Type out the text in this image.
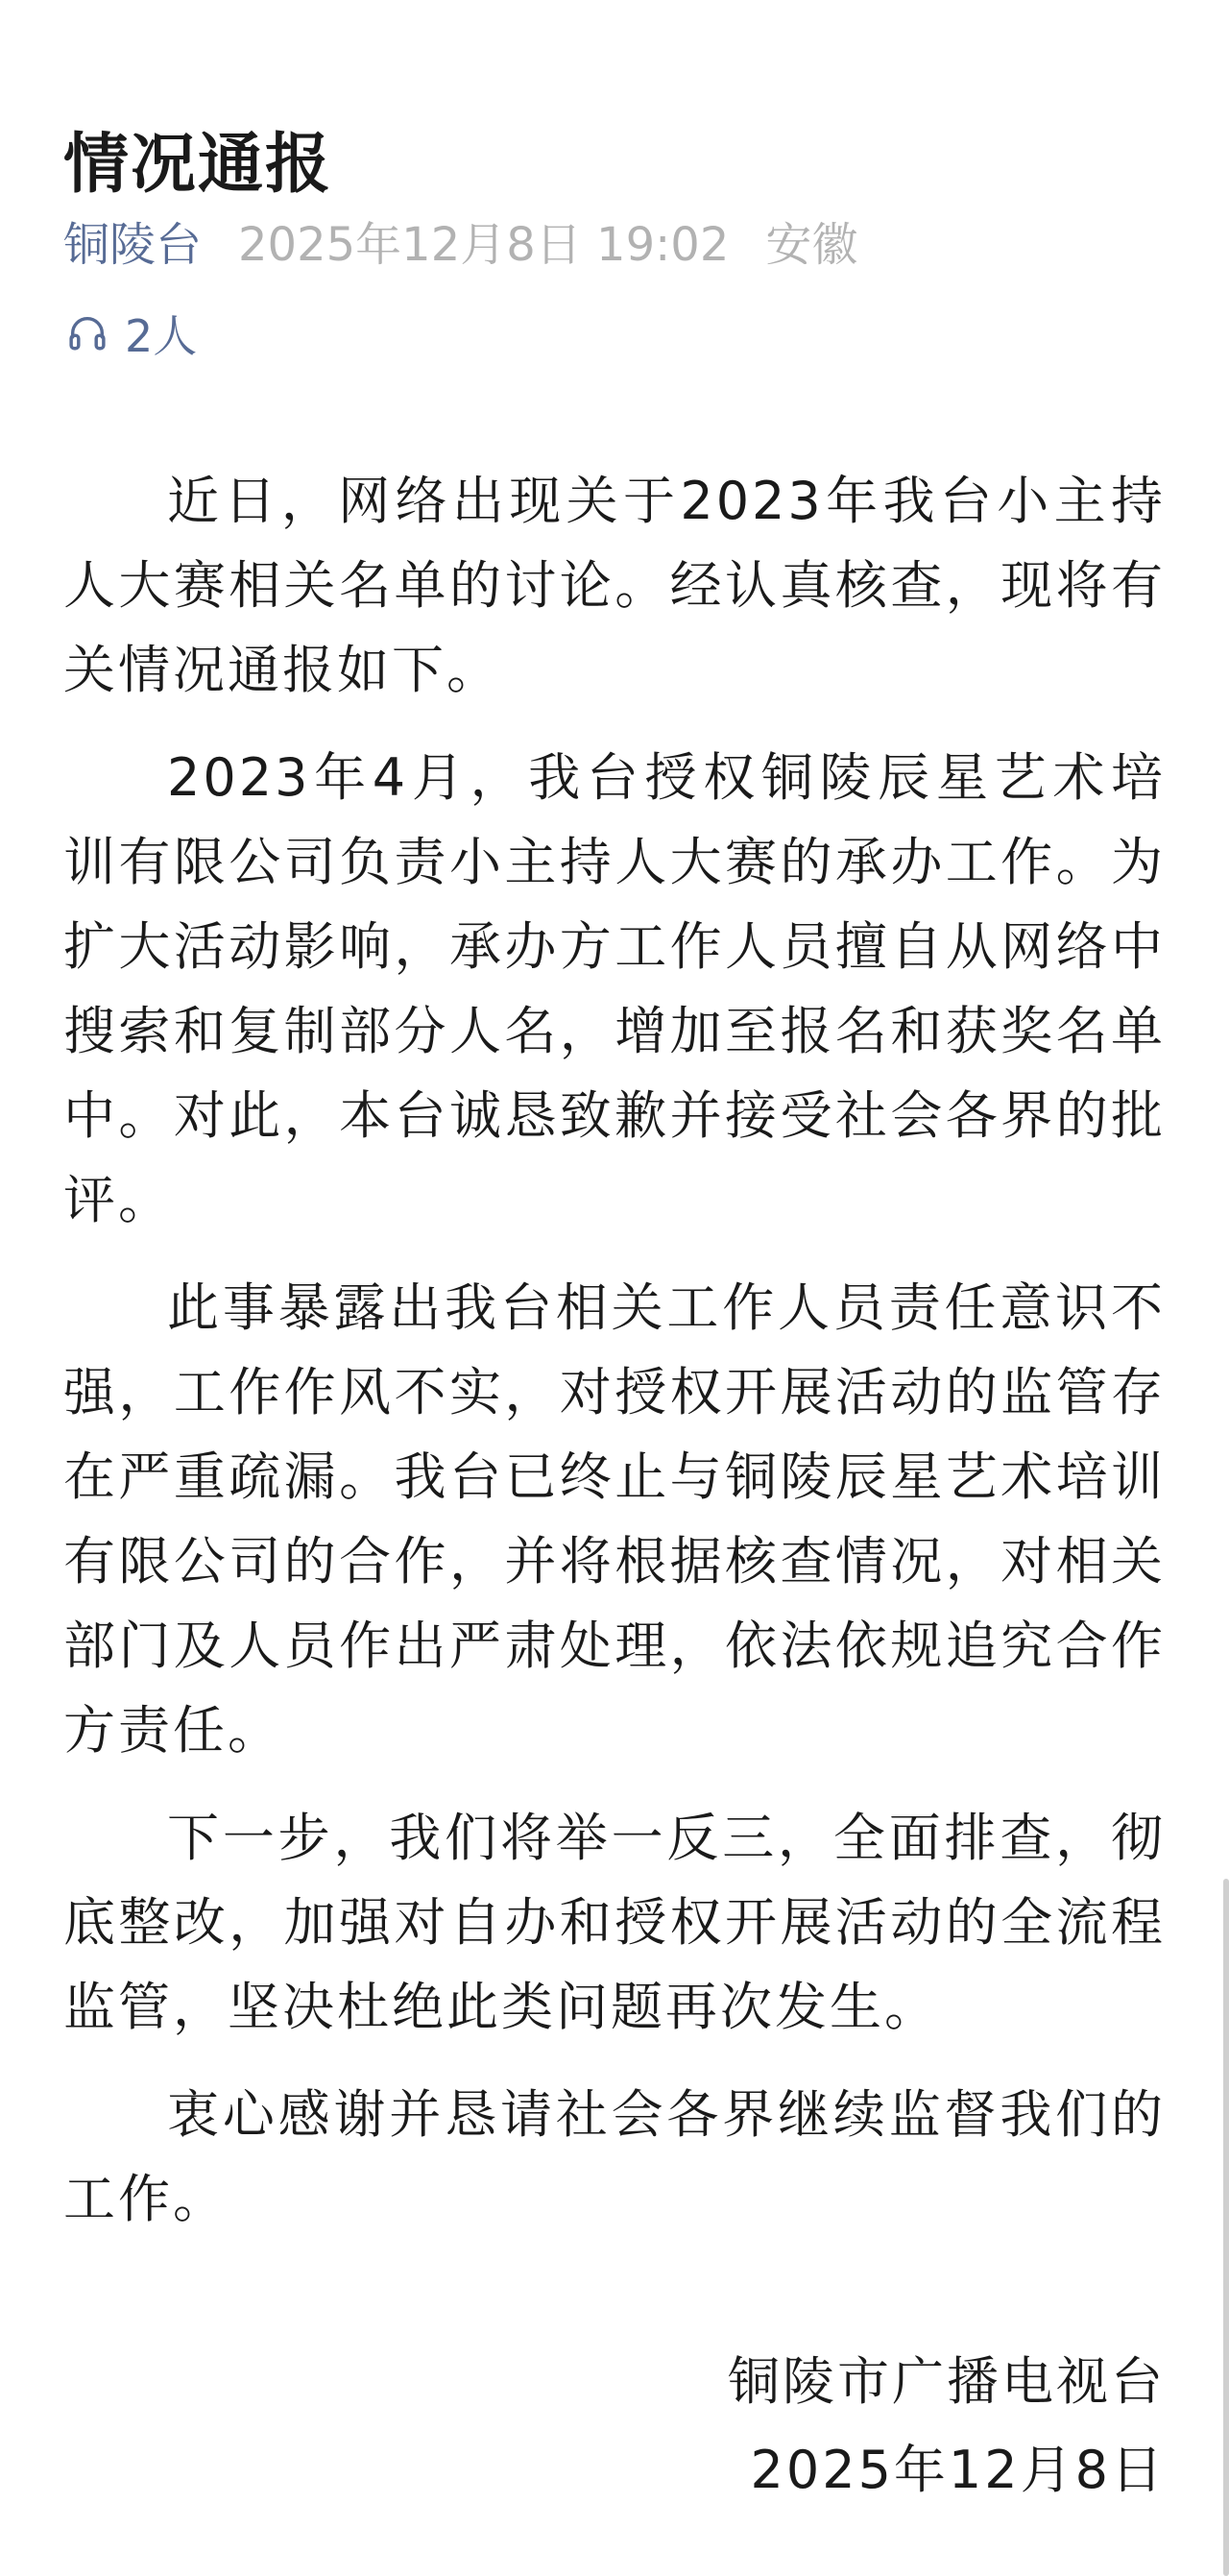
情况通报
铜陵台 2025年12月8日 19:02 安徽
2人

近日，网络出现关于2023年我台小主持人大赛相关名单的讨论。经认真核查，现将有关情况通报如下。

2023年4月，我台授权铜陵辰星艺术培训有限公司负责小主持人大赛的承办工作。为扩大活动影响，承办方工作人员擅自从网络中搜索和复制部分人名，增加至报名和获奖名单中。对此，本台诚恳致歉并接受社会各界的批评。

此事暴露出我台相关工作人员责任意识不强，工作作风不实，对授权开展活动的监管存在严重疏漏。我台已终止与铜陵辰星艺术培训有限公司的合作，并将根据核查情况，对相关部门及人员作出严肃处理，依法依规追究合作方责任。

下一步，我们将举一反三，全面排查，彻底整改，加强对自办和授权开展活动的全流程监管，坚决杜绝此类问题再次发生。

衷心感谢并恳请社会各界继续监督我们的工作。

铜陵市广播电视台
2025年12月8日
